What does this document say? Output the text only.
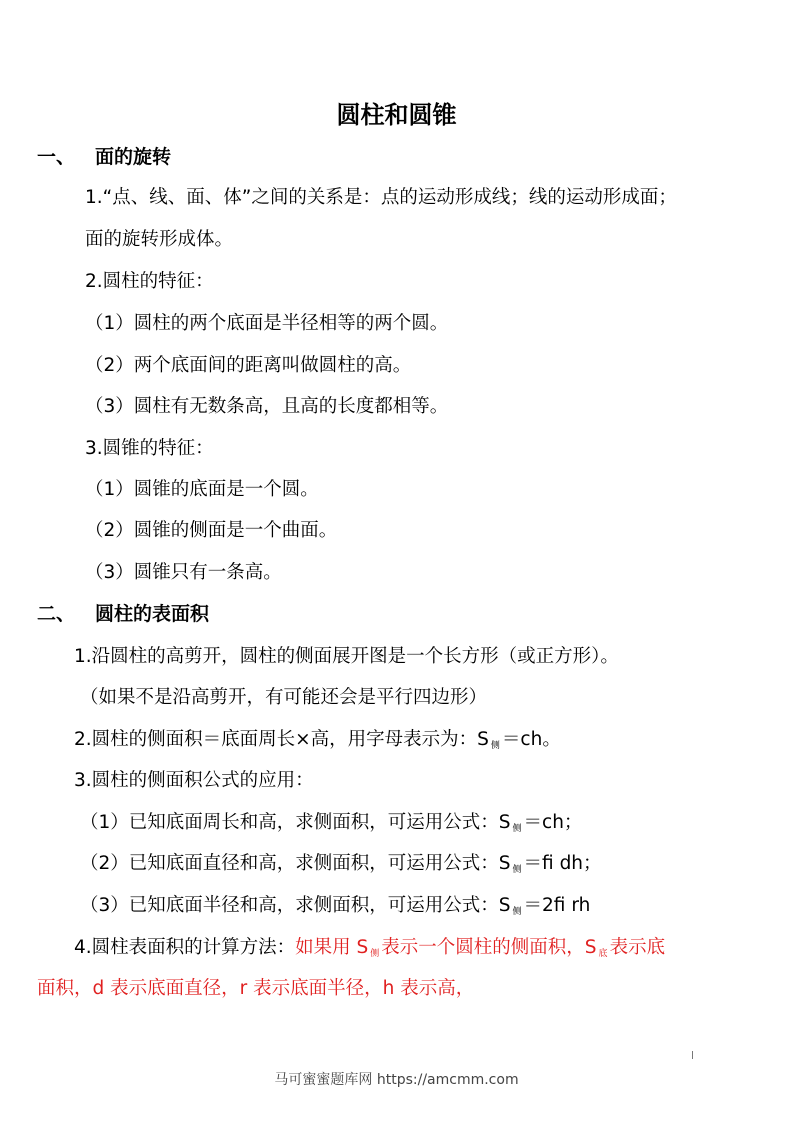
圆柱和圆锥
一、 面的旋转
1.“点、线、面、体”之间的关系是：点的运动形成线；线的运动形成面；
面的旋转形成体。
2.圆柱的特征：
（1）圆柱的两个底面是半径相等的两个圆。
（2）两个底面间的距离叫做圆柱的高。
（3）圆柱有无数条高，且高的长度都相等。
3.圆锥的特征：
（1）圆锥的底面是一个圆。
（2）圆锥的侧面是一个曲面。
（3）圆锥只有一条高。
二、 圆柱的表面积
1.沿圆柱的高剪开，圆柱的侧面展开图是一个长方形（或正方形）。
（如果不是沿高剪开，有可能还会是平行四边形）
2.圆柱的侧面积＝底面周长×高，用字母表示为：S $_侧$ ＝ch。
3.圆柱的侧面积公式的应用：
（1）已知底面周长和高，求侧面积，可运用公式：S $_侧$ ＝ch；
（2）已知底面直径和高，求侧面积，可运用公式：S $_侧$ ＝ﬁ dh；
（3）已知底面半径和高，求侧面积，可运用公式：S $_侧$ ＝2ﬁ rh
4.圆柱表面积的计算方法：如果用 S $_侧$ 表示一个圆柱的侧面积，S $_底$ 表示底
面积，d 表示底面直径，r 表示底面半径，h 表示高，
马可蜜蜜题库网 https://amcmm.com
